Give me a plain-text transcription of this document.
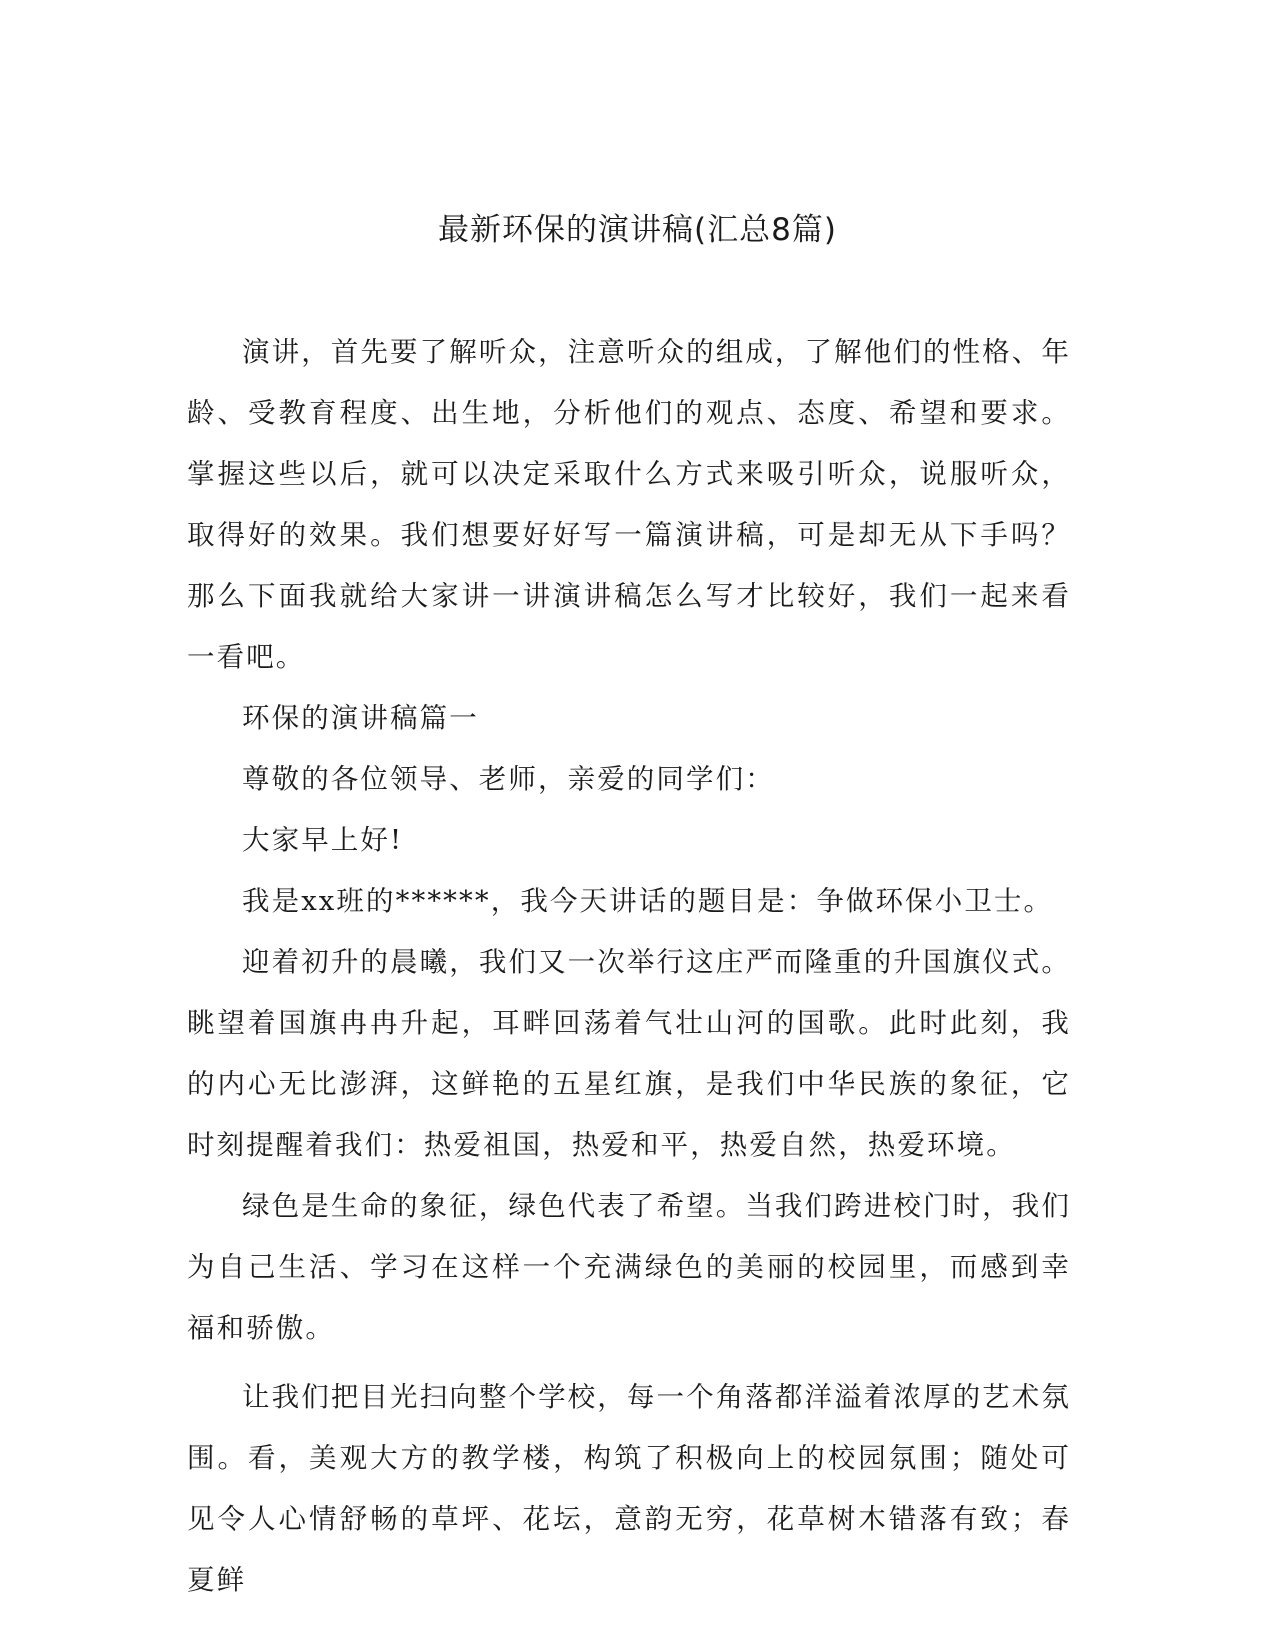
最新环保的演讲稿(汇总8篇)

演讲，首先要了解听众，注意听众的组成，了解他们的性格、年龄、受教育程度、出生地，分析他们的观点、态度、希望和要求。掌握这些以后，就可以决定采取什么方式来吸引听众，说服听众，取得好的效果。我们想要好好写一篇演讲稿，可是却无从下手吗？那么下面我就给大家讲一讲演讲稿怎么写才比较好，我们一起来看一看吧。

环保的演讲稿篇一

尊敬的各位领导、老师，亲爱的同学们：

大家早上好!

我是xx班的******，我今天讲话的题目是：争做环保小卫士。

迎着初升的晨曦，我们又一次举行这庄严而隆重的升国旗仪式。眺望着国旗冉冉升起，耳畔回荡着气壮山河的国歌。此时此刻，我的内心无比澎湃，这鲜艳的五星红旗，是我们中华民族的象征，它时刻提醒着我们：热爱祖国，热爱和平，热爱自然，热爱环境。

绿色是生命的象征，绿色代表了希望。当我们跨进校门时，我们为自己生活、学习在这样一个充满绿色的美丽的校园里，而感到幸福和骄傲。

让我们把目光扫向整个学校，每一个角落都洋溢着浓厚的艺术氛围。看，美观大方的教学楼，构筑了积极向上的校园氛围；随处可见令人心情舒畅的草坪、花坛，意韵无穷，花草树木错落有致；春夏鲜
